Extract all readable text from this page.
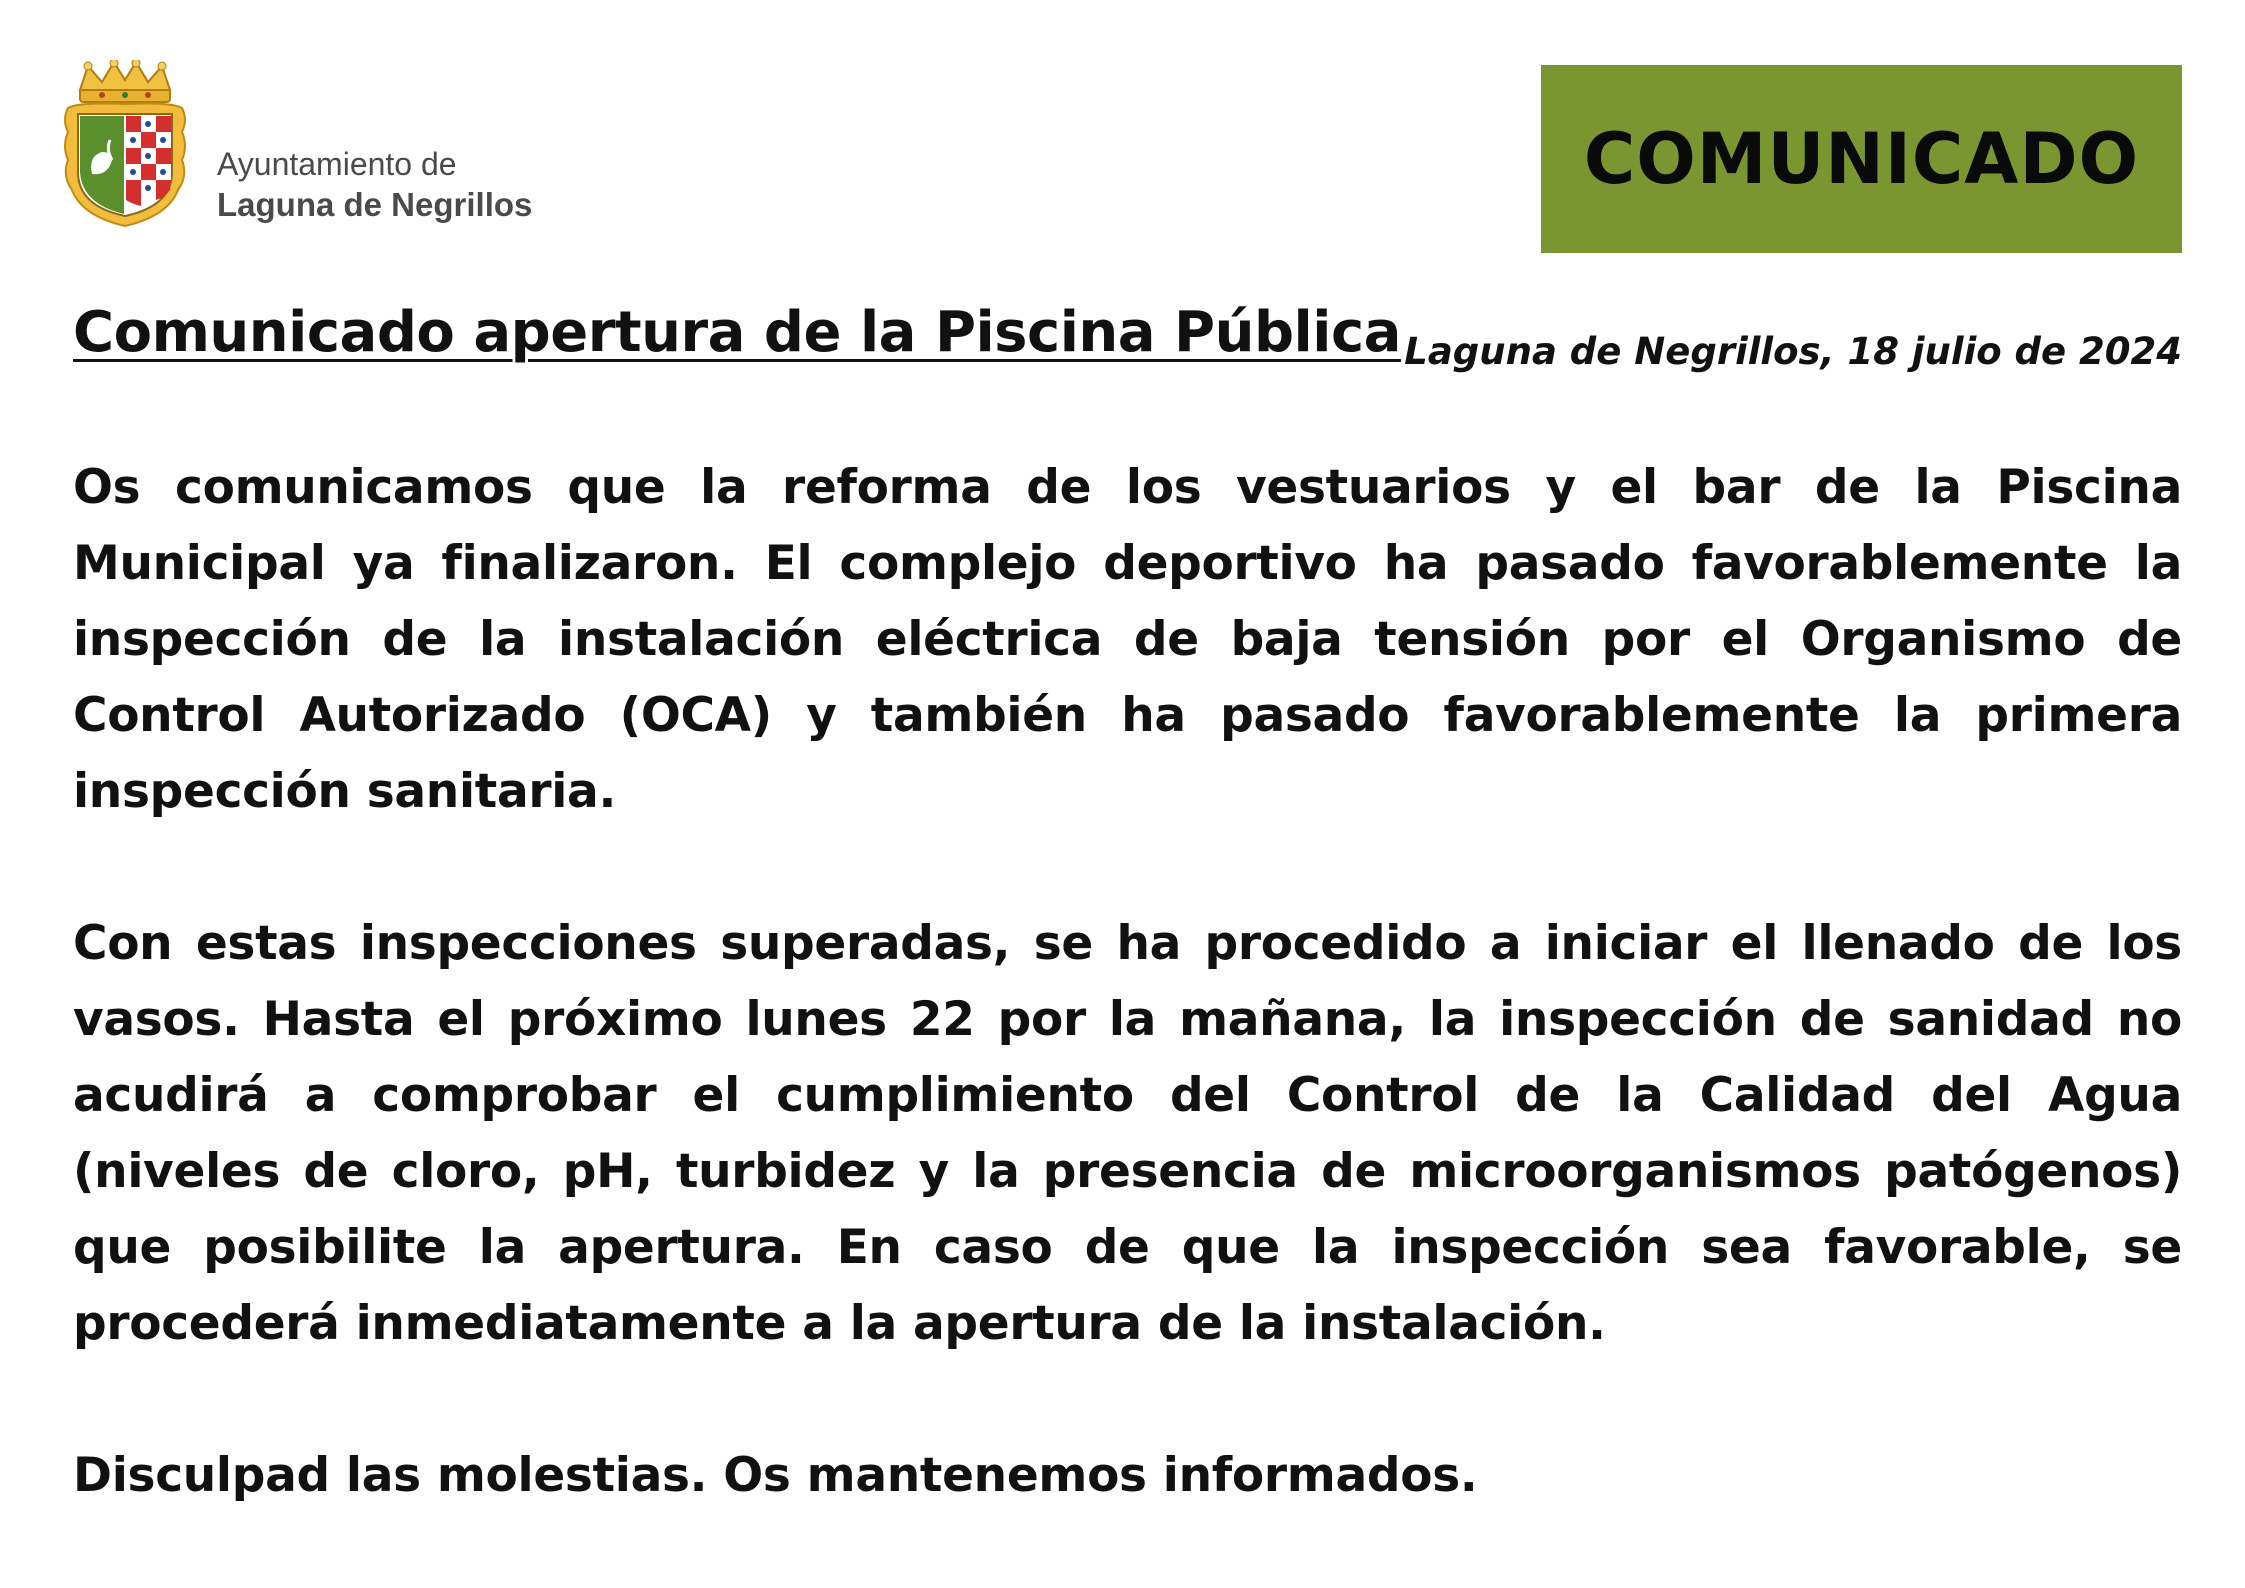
Ayuntamiento de
Laguna de Negrillos
COMUNICADO
Comunicado apertura de la Piscina Pública Laguna de Negrillos, 18 julio de 2024

Os comunicamos que la reforma de los vestuarios y el bar de la Piscina Municipal ya finalizaron. El complejo deportivo ha pasado favorablemente la inspección de la instalación eléctrica de baja tensión por el Organismo de Control Autorizado (OCA) y también ha pasado favorablemente la primera inspección sanitaria.

Con estas inspecciones superadas, se ha procedido a iniciar el llenado de los vasos. Hasta el próximo lunes 22 por la mañana, la inspección de sanidad no acudirá a comprobar el cumplimiento del Control de la Calidad del Agua (niveles de cloro, pH, turbidez y la presencia de microorganismos patógenos) que posibilite la apertura. En caso de que la inspección sea favorable, se procederá inmediatamente a la apertura de la instalación.

Disculpad las molestias. Os mantenemos informados.
